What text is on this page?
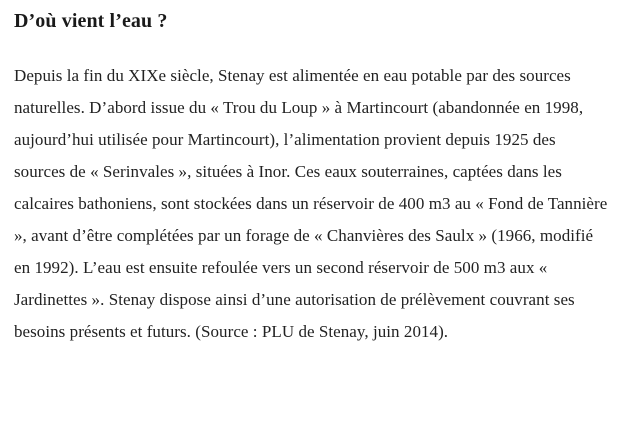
D’où vient l’eau ?

Depuis la fin du XIXe siècle, Stenay est alimentée en eau potable par des sources naturelles. D’abord issue du « Trou du Loup » à Martincourt (abandonnée en 1998, aujourd’hui utilisée pour Martincourt), l’alimentation provient depuis 1925 des sources de « Serinvales », situées à Inor. Ces eaux souterraines, captées dans les calcaires bathoniens, sont stockées dans un réservoir de 400 m3 au « Fond de Tannière », avant d’être complétées par un forage de « Chanvières des Saulx » (1966, modifié en 1992). L’eau est ensuite refoulée vers un second réservoir de 500 m3 aux « Jardinettes ». Stenay dispose ainsi d’une autorisation de prélèvement couvrant ses besoins présents et futurs. (Source : PLU de Stenay, juin 2014).
